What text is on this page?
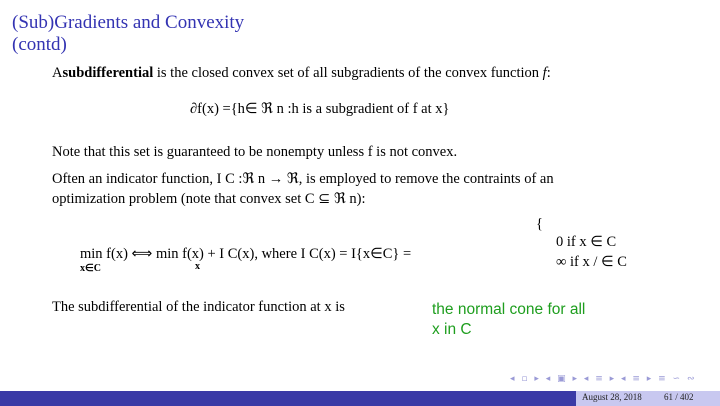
(Sub)Gradients and Convexity
(contd)
Asubdifferential is the closed convex set of all subgradients of the convex function f:
∂f(x) ={h∈ ℜ n :h is a subgradient of f at x}
Note that this set is guaranteed to be nonempty unless f is not convex.
Often an indicator function, I C :ℜ n → ℜ, is employed to remove the contraints of an
optimization problem (note that convex set C ⊆ ℜ n):
{
0 if x ∈ C
min f(x) ⟺ min f(x) + I C(x), where I C(x) = I{x∈C} =	∞ if x / ∈ C
x∈C	x
The subdifferential of the indicator function at x is	the normal cone for all
x in C
◂ ▫ ▸ ◂ ▣ ▸ ◂ ≡ ▸ ◂ ≡ ▸ ≡ ∽ ∾
August 28, 2018 61 / 402
